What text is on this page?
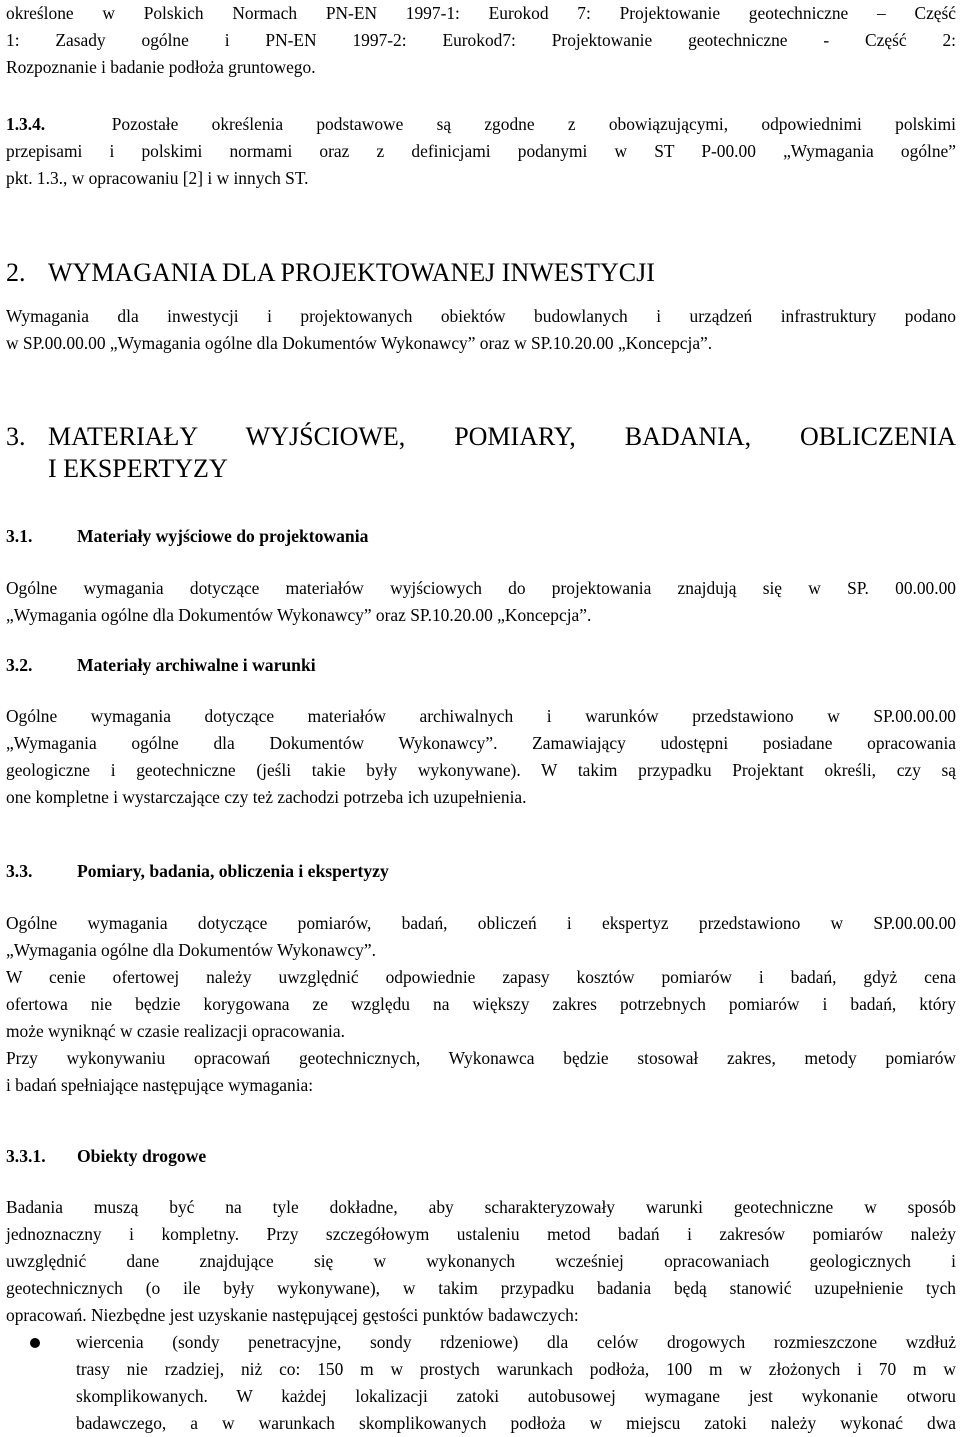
określone w Polskich Normach PN-EN 1997-1: Eurokod 7: Projektowanie geotechniczne – Część
1: Zasady ogólne i PN-EN 1997-2: Eurokod7: Projektowanie geotechniczne - Część 2:
Rozpoznanie i badanie podłoża gruntowego.
1.3.4.	Pozostałe określenia podstawowe są zgodne z obowiązującymi, odpowiednimi polskimi
przepisami i polskimi normami oraz z definicjami podanymi w ST P-00.00 „Wymagania ogólne”
pkt. 1.3., w opracowaniu [2] i w innych ST.
2. WYMAGANIA DLA PROJEKTOWANEJ INWESTYCJI
Wymagania dla inwestycji i projektowanych obiektów budowlanych i urządzeń infrastruktury podano
w SP.00.00.00 „Wymagania ogólne dla Dokumentów Wykonawcy” oraz w SP.10.20.00 „Koncepcja”.
3. MATERIAŁY WYJŚCIOWE, POMIARY, BADANIA, OBLICZENIA
I EKSPERTYZY
3.1.	Materiały wyjściowe do projektowania
Ogólne wymagania dotyczące materiałów wyjściowych do projektowania znajdują się w SP. 00.00.00
„Wymagania ogólne dla Dokumentów Wykonawcy” oraz SP.10.20.00 „Koncepcja”.
3.2.	Materiały archiwalne i warunki
Ogólne wymagania dotyczące materiałów archiwalnych i warunków przedstawiono w SP.00.00.00
„Wymagania ogólne dla Dokumentów Wykonawcy”. Zamawiający udostępni posiadane opracowania
geologiczne i geotechniczne (jeśli takie były wykonywane). W takim przypadku Projektant określi, czy są
one kompletne i wystarczające czy też zachodzi potrzeba ich uzupełnienia.
3.3.	Pomiary, badania, obliczenia i ekspertyzy
Ogólne wymagania dotyczące pomiarów, badań, obliczeń i ekspertyz przedstawiono w SP.00.00.00
„Wymagania ogólne dla Dokumentów Wykonawcy”.
W cenie ofertowej należy uwzględnić odpowiednie zapasy kosztów pomiarów i badań, gdyż cena
ofertowa nie będzie korygowana ze względu na większy zakres potrzebnych pomiarów i badań, który
może wyniknąć w czasie realizacji opracowania.
Przy wykonywaniu opracowań geotechnicznych, Wykonawca będzie stosował zakres, metody pomiarów
i badań spełniające następujące wymagania:
3.3.1. Obiekty drogowe
Badania muszą być na tyle dokładne, aby scharakteryzowały warunki geotechniczne w sposób
jednoznaczny i kompletny. Przy szczegółowym ustaleniu metod badań i zakresów pomiarów należy
uwzględnić dane znajdujące się w wykonanych wcześniej opracowaniach geologicznych i
geotechnicznych (o ile były wykonywane), w takim przypadku badania będą stanowić uzupełnienie tych
opracowań. Niezbędne jest uzyskanie następującej gęstości punktów badawczych:
wiercenia (sondy penetracyjne, sondy rdzeniowe) dla celów drogowych rozmieszczone wzdłuż
trasy nie rzadziej, niż co: 150 m w prostych warunkach podłoża, 100 m w złożonych i 70 m w
skomplikowanych. W każdej lokalizacji zatoki autobusowej wymagane jest wykonanie otworu
badawczego, a w warunkach skomplikowanych podłoża w miejscu zatoki należy wykonać dwa
